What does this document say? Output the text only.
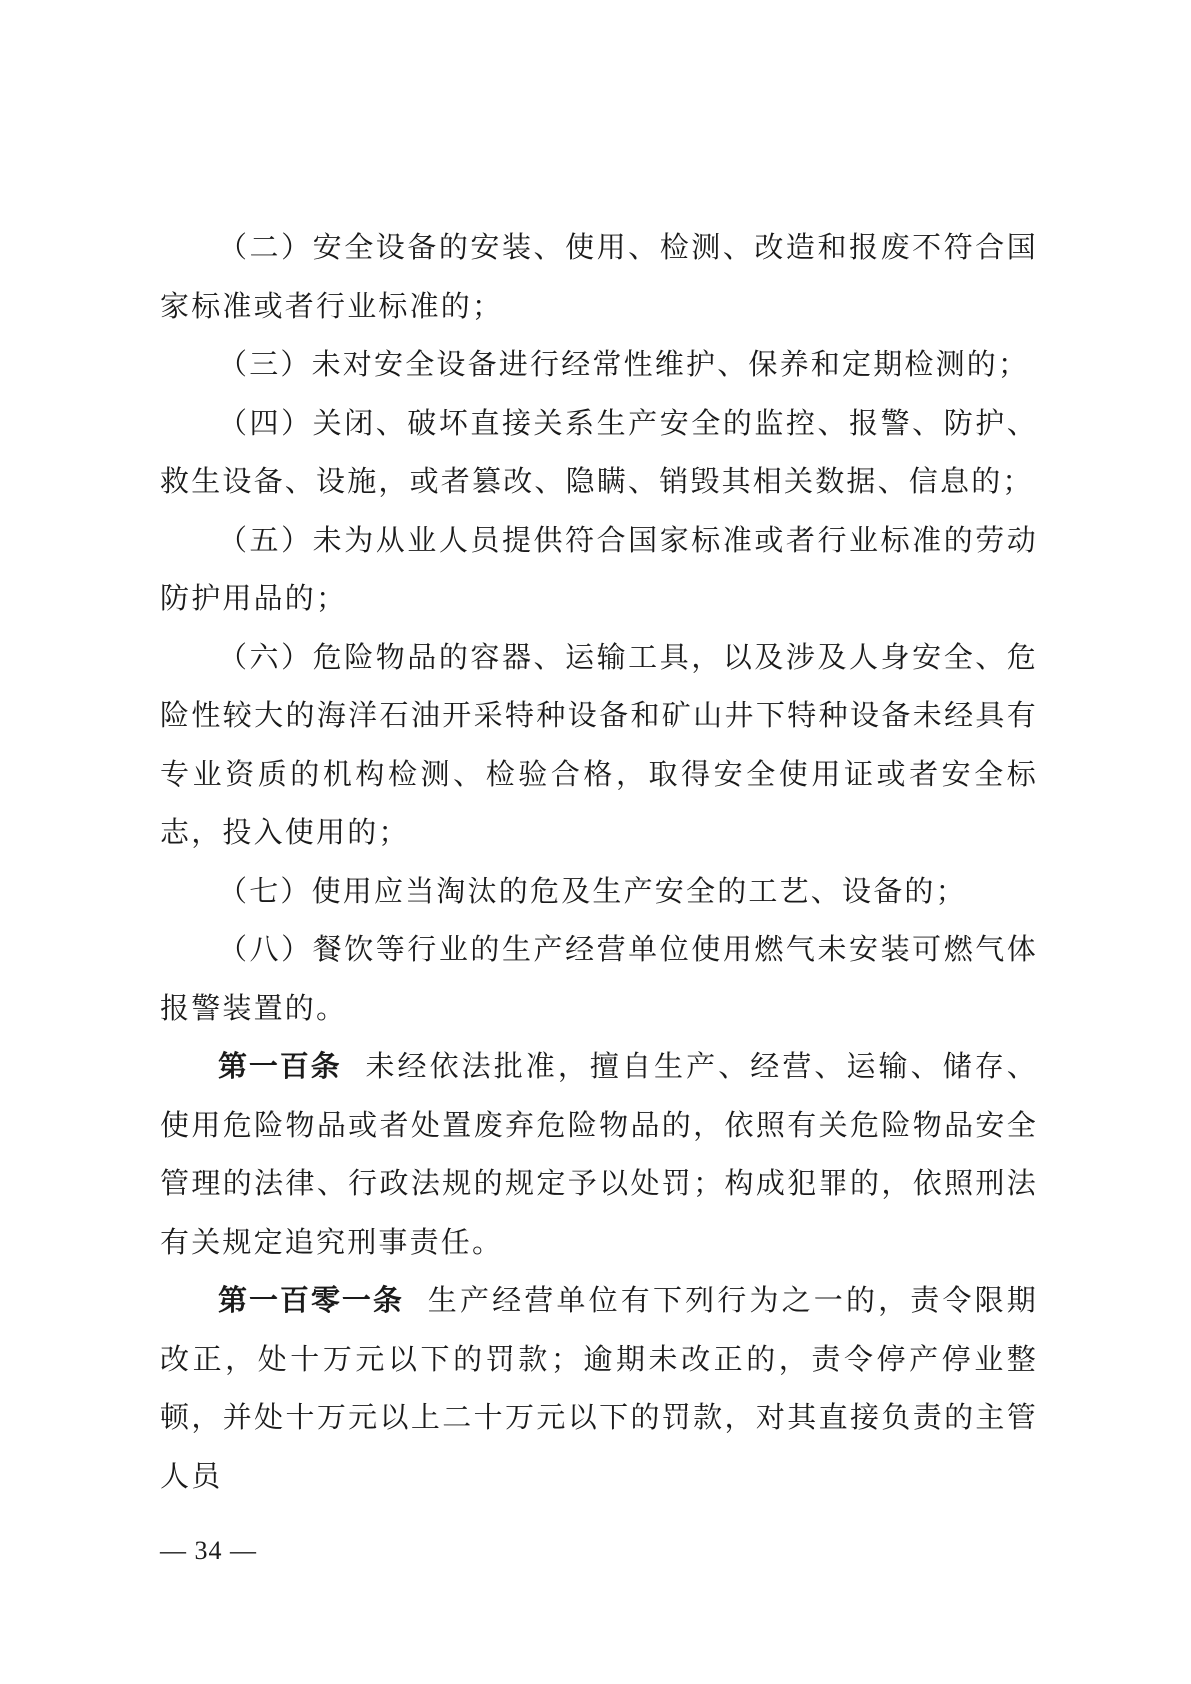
（二）安全设备的安装、使用、检测、改造和报废不符合国家标准或者行业标准的；

（三）未对安全设备进行经常性维护、保养和定期检测的；

（四）关闭、破坏直接关系生产安全的监控、报警、防护、救生设备、设施，或者篡改、隐瞒、销毁其相关数据、信息的；

（五）未为从业人员提供符合国家标准或者行业标准的劳动防护用品的；

（六）危险物品的容器、运输工具，以及涉及人身安全、危险性较大的海洋石油开采特种设备和矿山井下特种设备未经具有专业资质的机构检测、检验合格，取得安全使用证或者安全标志，投入使用的；

（七）使用应当淘汰的危及生产安全的工艺、设备的；

（八）餐饮等行业的生产经营单位使用燃气未安装可燃气体报警装置的。

第一百条 未经依法批准，擅自生产、经营、运输、储存、使用危险物品或者处置废弃危险物品的，依照有关危险物品安全管理的法律、行政法规的规定予以处罚；构成犯罪的，依照刑法有关规定追究刑事责任。

第一百零一条 生产经营单位有下列行为之一的，责令限期改正，处十万元以下的罚款；逾期未改正的，责令停产停业整顿，并处十万元以上二十万元以下的罚款，对其直接负责的主管人员

— 34 —
